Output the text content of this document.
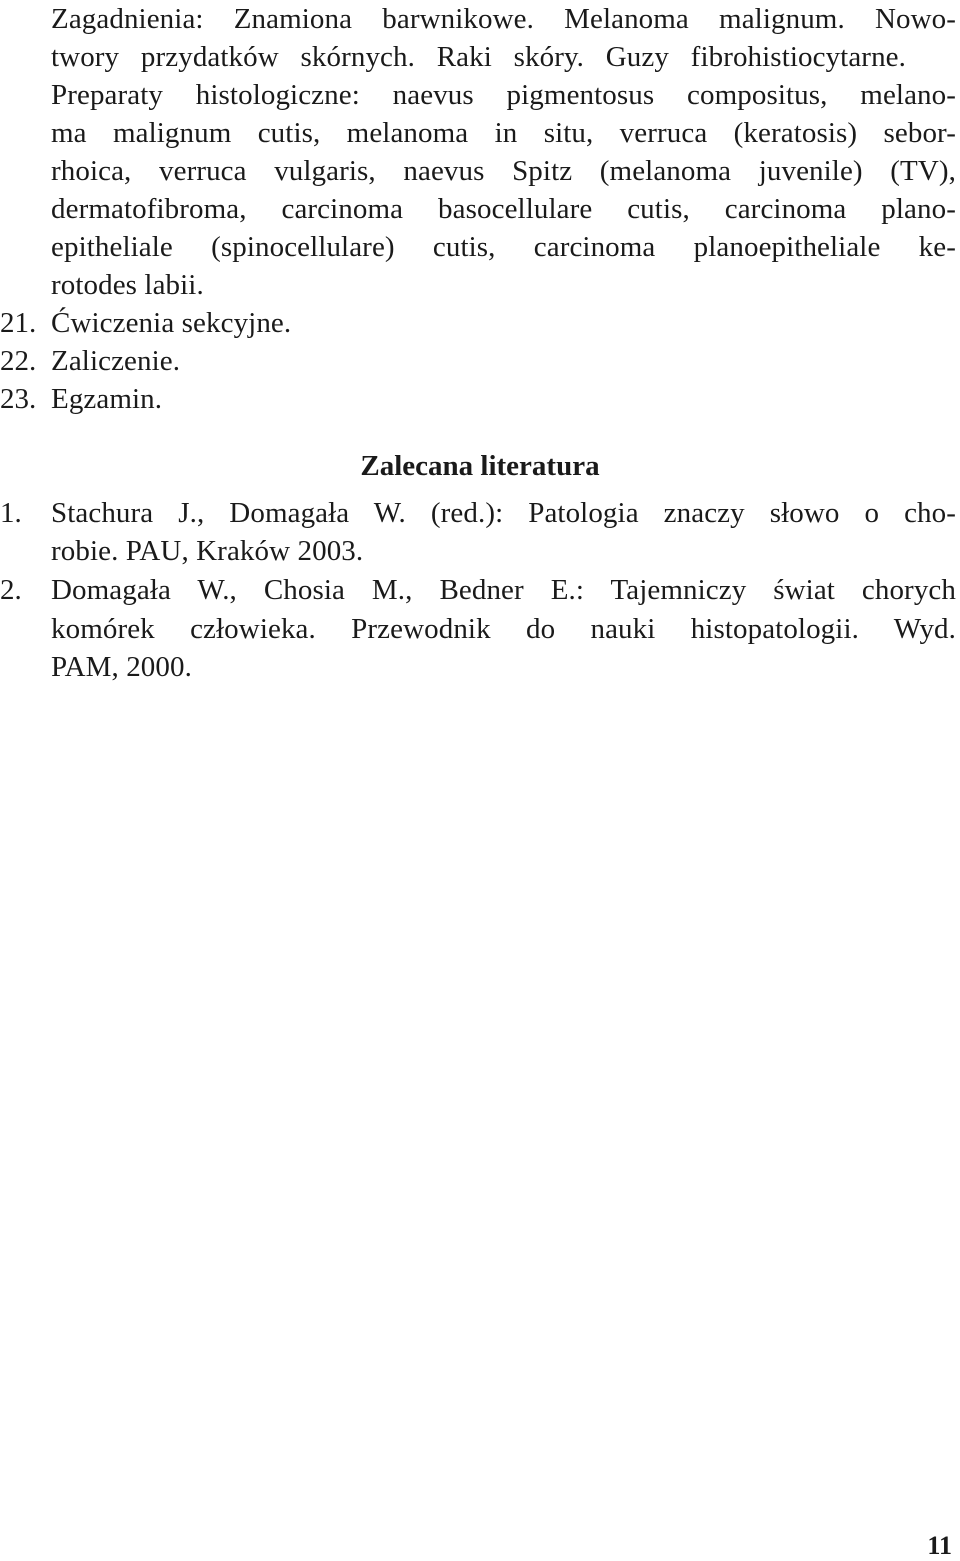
Zagadnienia: Znamiona barwnikowe. Melanoma malignum. Nowo-
twory przydatków skórnych. Raki skóry. Guzy fibrohistiocytarne.
Preparaty histologiczne: naevus pigmentosus compositus, melano-
ma malignum cutis, melanoma in situ, verruca (keratosis) sebor-
rhoica, verruca vulgaris, naevus Spitz (melanoma juvenile) (TV),
dermatofibroma, carcinoma basocellulare cutis, carcinoma plano-
epitheliale (spinocellulare) cutis, carcinoma planoepitheliale ke-
rotodes labii.
21. Ćwiczenia sekcyjne.
22. Zaliczenie.
23. Egzamin.
Zalecana literatura
1. Stachura J., Domagała W. (red.): Patologia znaczy słowo o cho-
robie. PAU, Kraków 2003.
2. Domagała W., Chosia M., Bedner E.: Tajemniczy świat chorych
komórek człowieka. Przewodnik do nauki histopatologii. Wyd.
PAM, 2000.
11
